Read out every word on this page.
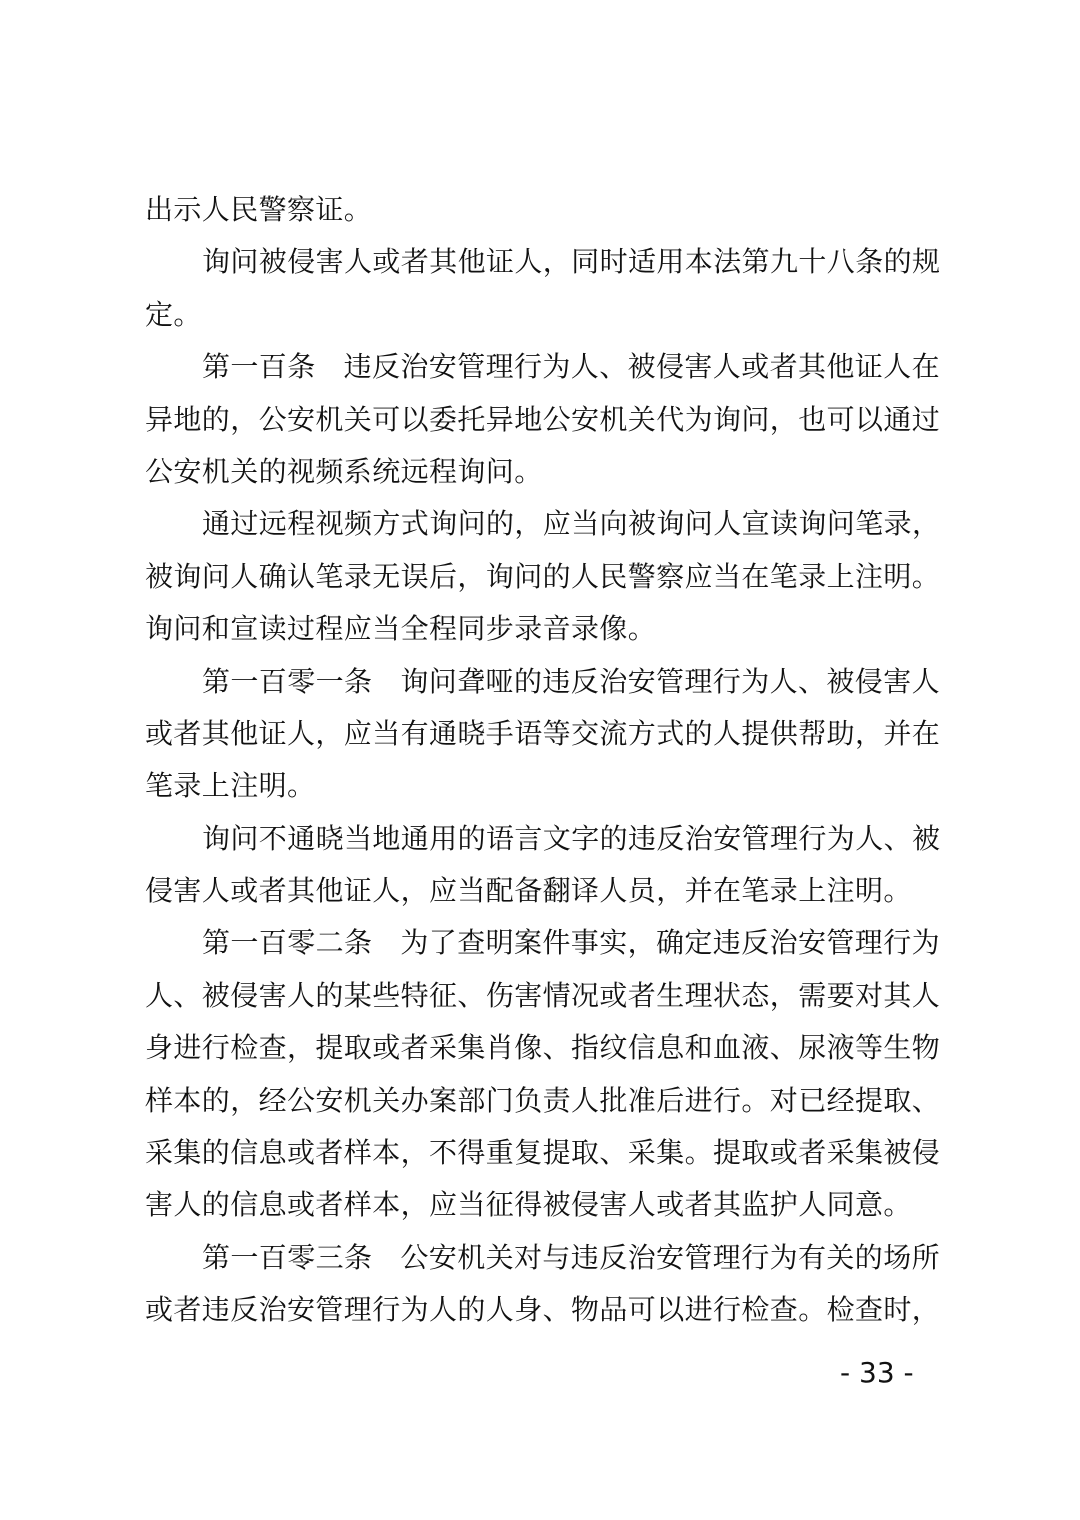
出示人民警察证。
询问被侵害人或者其他证人，同时适用本法第九十八条的规
定。
第一百条 违反治安管理行为人、被侵害人或者其他证人在
异地的，公安机关可以委托异地公安机关代为询问，也可以通过
公安机关的视频系统远程询问。
通过远程视频方式询问的，应当向被询问人宣读询问笔录，
被询问人确认笔录无误后，询问的人民警察应当在笔录上注明。
询问和宣读过程应当全程同步录音录像。
第一百零一条 询问聋哑的违反治安管理行为人、被侵害人
或者其他证人，应当有通晓手语等交流方式的人提供帮助，并在
笔录上注明。
询问不通晓当地通用的语言文字的违反治安管理行为人、被
侵害人或者其他证人，应当配备翻译人员，并在笔录上注明。
第一百零二条 为了查明案件事实，确定违反治安管理行为
人、被侵害人的某些特征、伤害情况或者生理状态，需要对其人
身进行检查，提取或者采集肖像、指纹信息和血液、尿液等生物
样本的，经公安机关办案部门负责人批准后进行。对已经提取、
采集的信息或者样本，不得重复提取、采集。提取或者采集被侵
害人的信息或者样本，应当征得被侵害人或者其监护人同意。
第一百零三条 公安机关对与违反治安管理行为有关的场所
或者违反治安管理行为人的人身、物品可以进行检查。检查时，
- 33 -
